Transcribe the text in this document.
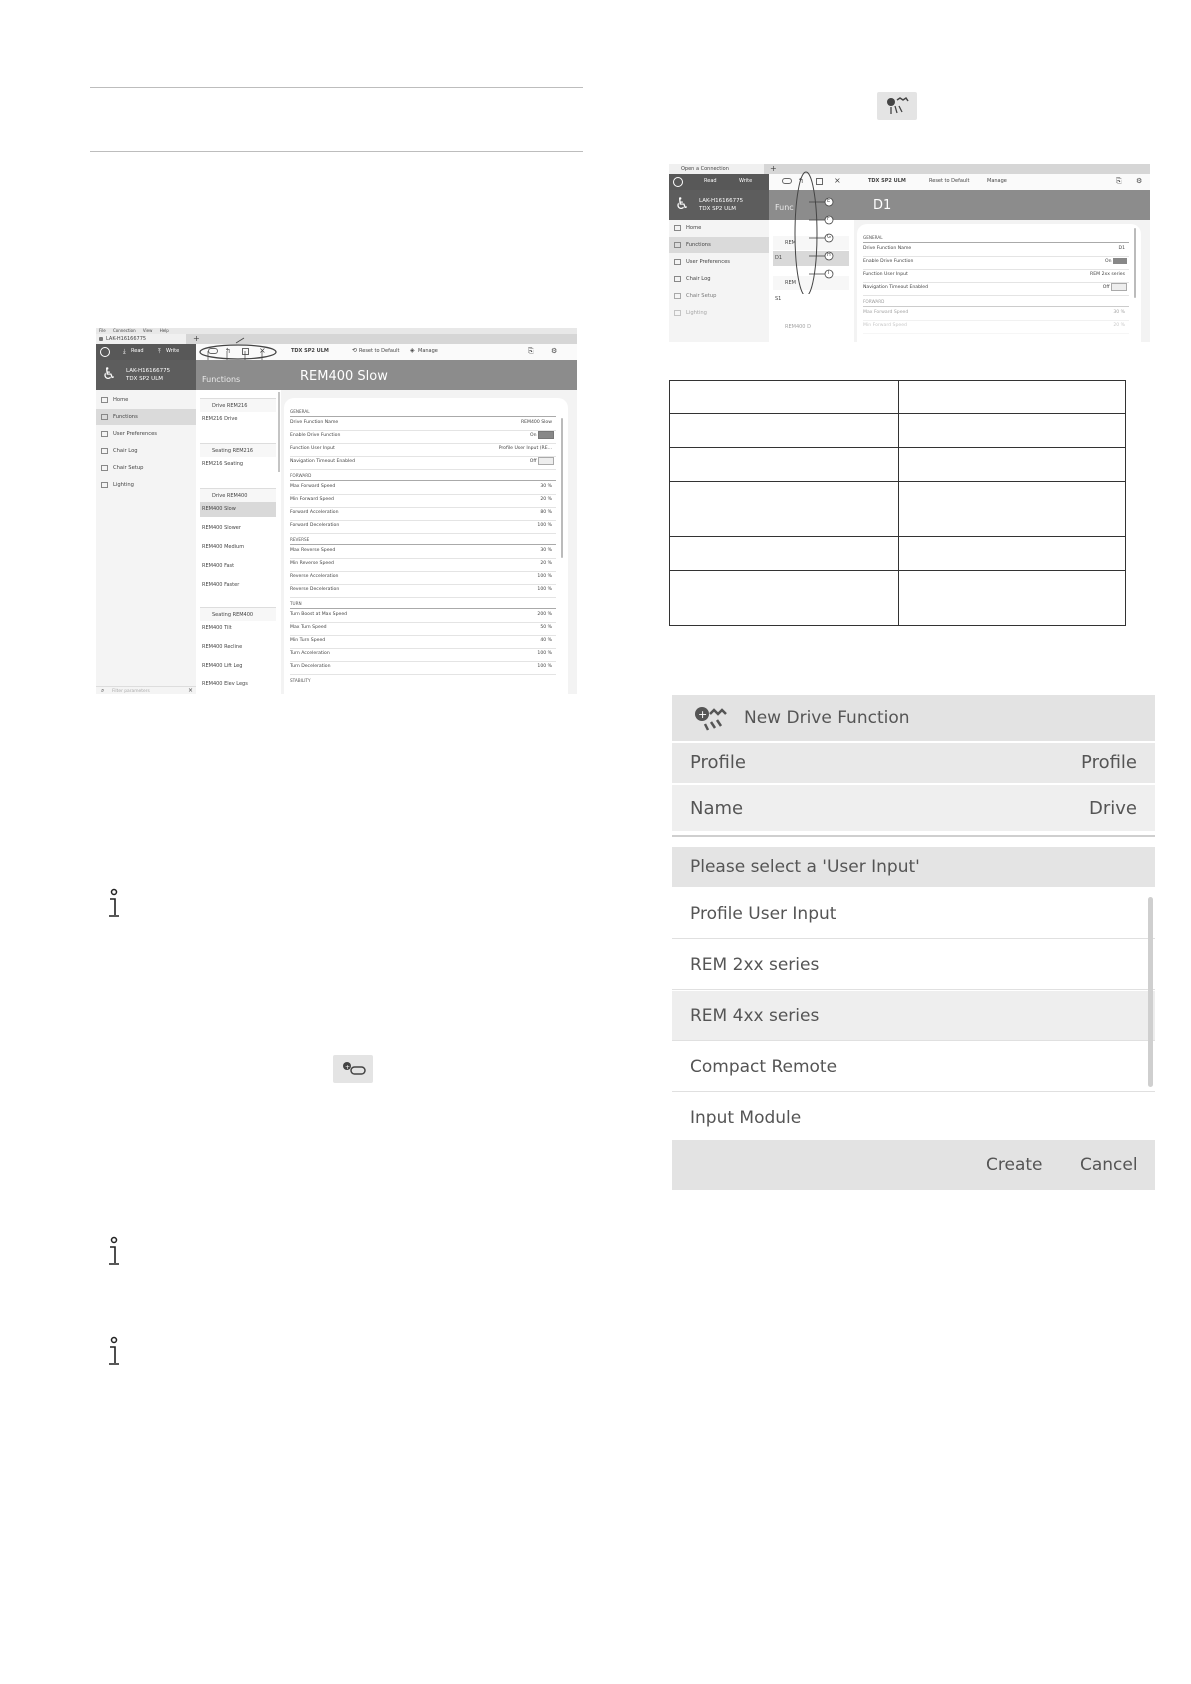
File Connection View Help
LAK-H16166775	+
⤓ Read ⤒ Write	↰	×	TDX SP2 ULM	⟲ Reset to Default ◈ Manage	⎘ ⚙
♿ LAK-H16166775
TDX SP2 ULM	Functions	REM400 Slow
Home
Functions
User Preferences
Chair Log
Chair Setup
Lighting
⌕ Filter parameters	×
Drive REM216
REM216 Drive
Seating REM216
REM216 Seating
Drive REM400
REM400 Slow
REM400 Slower
REM400 Medium
REM400 Fast
REM400 Faster
Seating REM400
REM400 Tilt
REM400 Recline
REM400 Lift Leg
REM400 Elev Legs
GENERAL
Drive Function Name	REM400 Slow
Enable Drive Function	On
Function User Input	Profile User Input (RE...
Navigation Timeout Enabled	Off
FORWARD
Max Forward Speed	30 %
Min Forward Speed	20 %
Forward Acceleration	80 %
Forward Deceleration	100 %
REVERSE
Max Reverse Speed	30 %
Min Reverse Speed	20 %
Reverse Acceleration	100 %
Reverse Deceleration	100 %
TURN
Turn Boost at Max Speed	200 %
Max Turn Speed	50 %
Min Turn Speed	40 %
Turn Acceleration	100 %
Turn Deceleration	100 %
STABILITY
+
Open a Connection	+
Read	Write	↰	×	TDX SP2 ULM	Reset to Default	Manage	⎘ ⚙
♿ LAK-H16166775
TDX SP2 ULM	Func	D1
Home
Functions
User Preferences
Chair Log
Chair Setup
Lighting
REM
D1
REM
S1
REM400 D
E
F
G
H
I
GENERAL
Drive Function Name	D1
Enable Drive Function	On
Function User Input	REM 2xx series
Navigation Timeout Enabled	Off
FORWARD
Max Forward Speed	30 %
Min Forward Speed	20 %

+ New Drive Function
Profile	Profile
Name	Drive
Please select a 'User Input'
Profile User Input
REM 2xx series
REM 4xx series
Compact Remote
Input Module
Create Cancel
